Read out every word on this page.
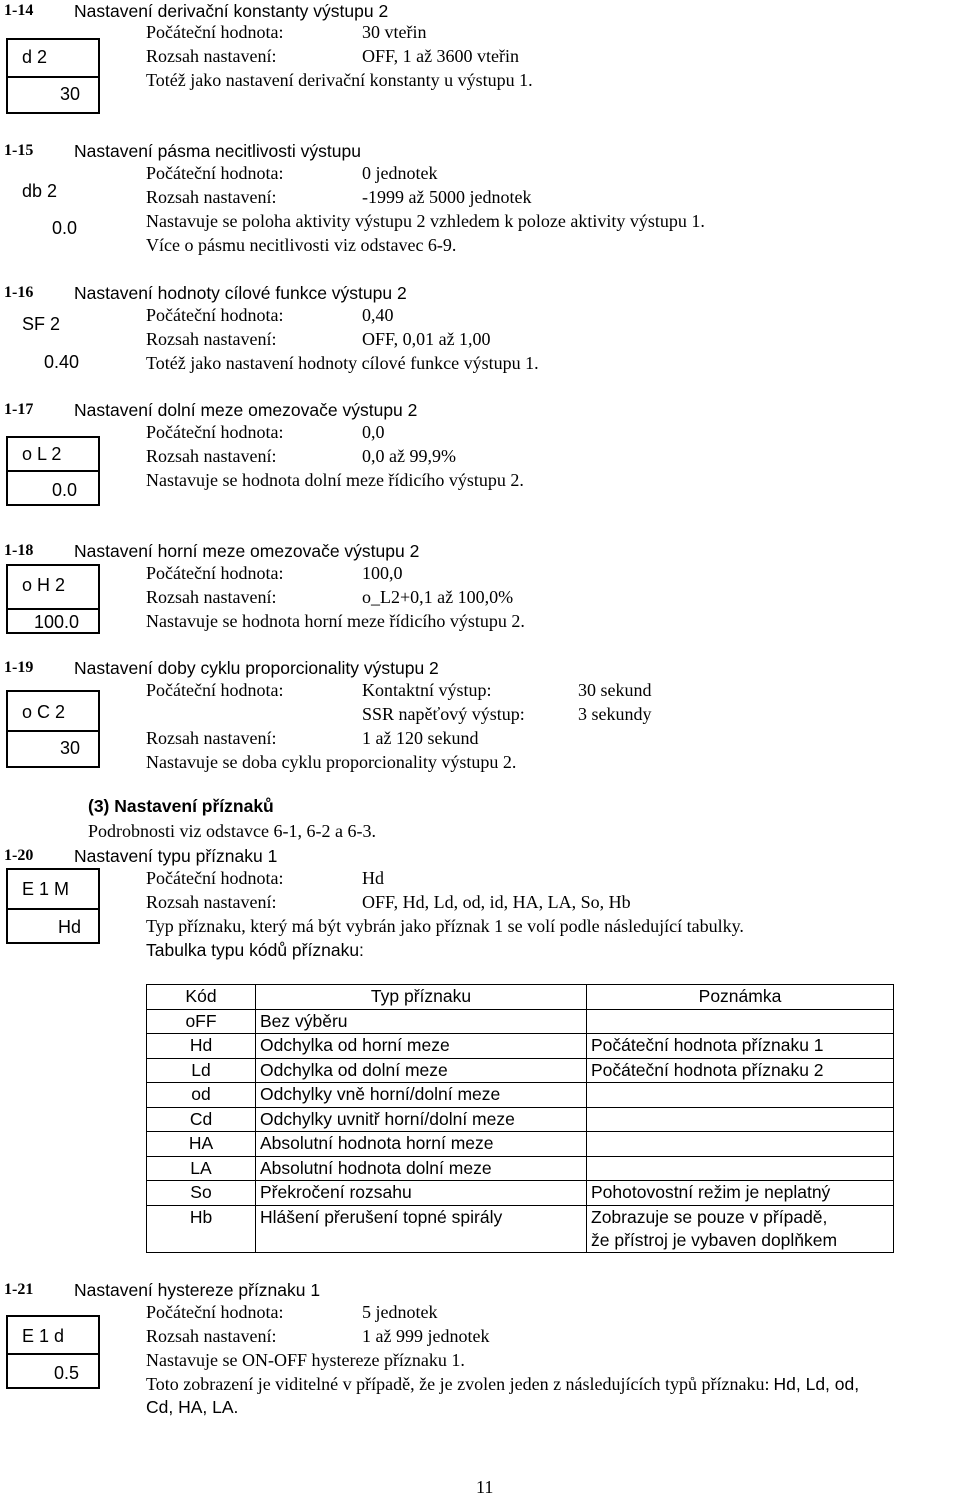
1-14 Nastavení derivační konstanty výstupu 2
d 2
30
Počáteční hodnota:	30 vteřin
Rozsah nastavení:	OFF, 1 až 3600 vteřin
Totéž jako nastavení derivační konstanty u výstupu 1.
1-15 Nastavení pásma necitlivosti výstupu
db 2
0.0
Počáteční hodnota:	0 jednotek
Rozsah nastavení:	-1999 až 5000 jednotek
Nastavuje se poloha aktivity výstupu 2 vzhledem k poloze aktivity výstupu 1.
Více o pásmu necitlivosti viz odstavec 6-9.
1-16 Nastavení hodnoty cílové funkce výstupu 2
SF 2
0.40
Počáteční hodnota:	0,40
Rozsah nastavení:	OFF, 0,01 až 1,00
Totéž jako nastavení hodnoty cílové funkce výstupu 1.
1-17 Nastavení dolní meze omezovače výstupu 2
o L 2
0.0
Počáteční hodnota:	0,0
Rozsah nastavení:	0,0 až 99,9%
Nastavuje se hodnota dolní meze řídicího výstupu 2.
1-18 Nastavení horní meze omezovače výstupu 2
o H 2
100.0
Počáteční hodnota:	100,0
Rozsah nastavení:	o_L2+0,1 až 100,0%
Nastavuje se hodnota horní meze řídicího výstupu 2.
1-19 Nastavení doby cyklu proporcionality výstupu 2
o C 2
30
Počáteční hodnota:	Kontaktní výstup:	30 sekund
SSR napěťový výstup:	3 sekundy
Rozsah nastavení:	1 až 120 sekund
Nastavuje se doba cyklu proporcionality výstupu 2.
(3) Nastavení příznaků
Podrobnosti viz odstavce 6-1, 6-2 a 6-3.
1-20 Nastavení typu příznaku 1
E 1 M
Hd
Počáteční hodnota:	Hd
Rozsah nastavení:	OFF, Hd, Ld, od, id, HA, LA, So, Hb
Typ příznaku, který má být vybrán jako příznak 1 se volí podle následující tabulky.
Tabulka typu kódů příznaku:
Kód	Typ příznaku	Poznámka
oFF	Bez výběru	
Hd	Odchylka od horní meze	Počáteční hodnota příznaku 1
Ld	Odchylka od dolní meze	Počáteční hodnota příznaku 2
od	Odchylky vně horní/dolní meze	
Cd	Odchylky uvnitř horní/dolní meze	
HA	Absolutní hodnota horní meze	
LA	Absolutní hodnota dolní meze	
So	Překročení rozsahu	Pohotovostní režim je neplatný
Hb	Hlášení přerušení topné spirály	Zobrazuje se pouze v případě,
že přístroj je vybaven doplňkem
1-21 Nastavení hystereze příznaku 1
E 1 d
0.5
Počáteční hodnota:	5 jednotek
Rozsah nastavení:	1 až 999 jednotek
Nastavuje se ON-OFF hystereze příznaku 1.
Toto zobrazení je viditelné v případě, že je zvolen jeden z následujících typů příznaku: Hd, Ld, od,
Cd, HA, LA.
11
